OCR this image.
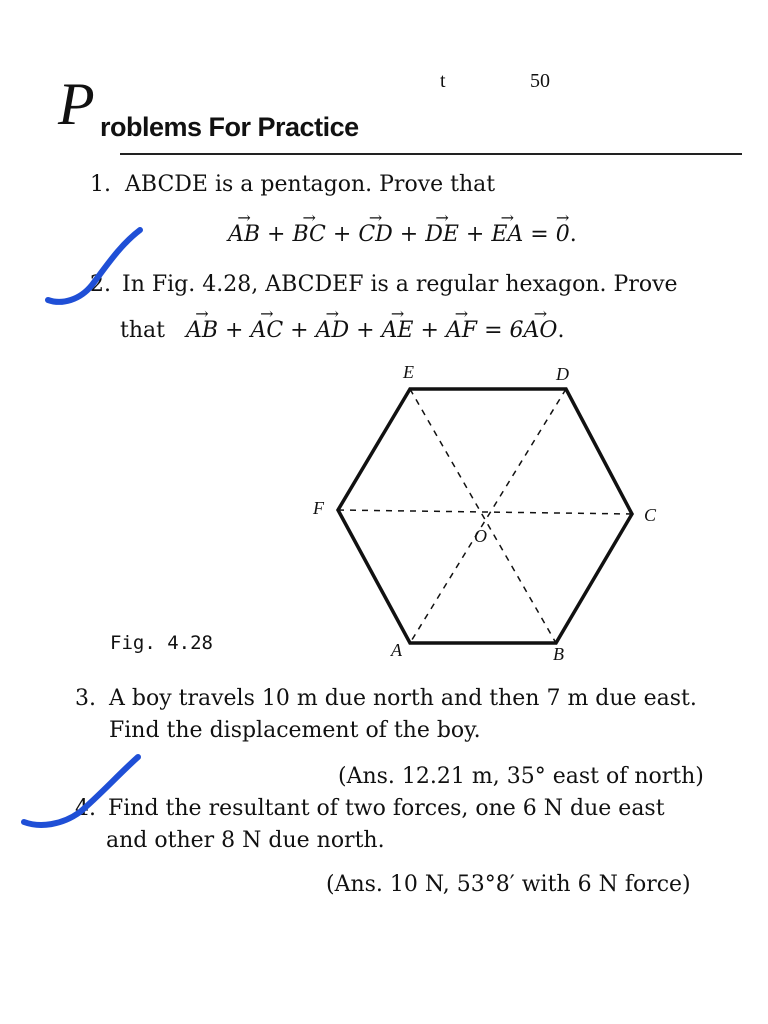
t	50
P roblems For Practice
1. ABCDE is a pentagon. Prove that
→ AB + → BC + → CD + → DE + → EA = → 0.
2. In Fig. 4.28, ABCDEF is a regular hexagon. Prove
that   → AB + → AC + → AD + → AE + → AF = 6→ AO.
E	D
C
F
O
A	B
Fig. 4.28
3. A boy travels 10 m due north and then 7 m due east.
Find the displacement of the boy.
(Ans. 12.21 m, 35° east of north)
4. Find the resultant of two forces, one 6 N due east
and other 8 N due north.
(Ans. 10 N, 53°8′ with 6 N force)
